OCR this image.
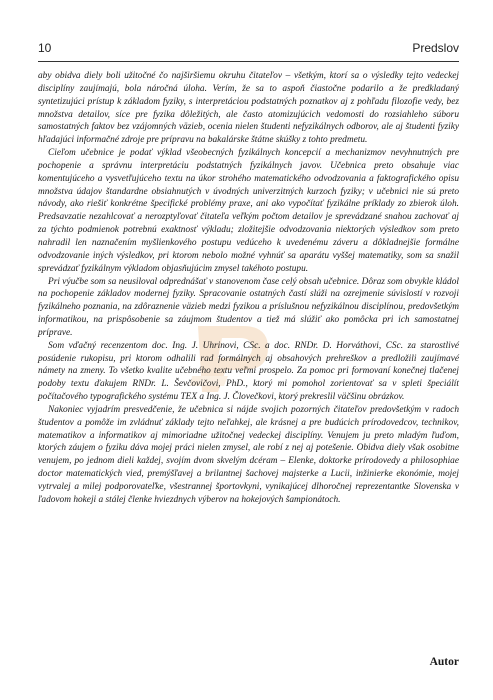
10	Predslov

aby obidva diely boli užitočné čo najširšiemu okruhu čitateľov – všetkým, ktorí sa o výsledky tejto vedeckej disciplíny zaujímajú, bola náročná úloha. Verím, že sa to aspoň čiastočne podarilo a že predkladaný syntetizujúci prístup k základom fyziky, s interpretáciou podstatných poznatkov aj z pohľadu filozofie vedy, bez množstva detailov, síce pre fyzika dôležitých, ale často atomizujúcich vedomosti do rozsiahleho súboru samostatných faktov bez vzájomných väzieb, ocenia nielen študenti nefyzikálnych odborov, ale aj študenti fyziky hľadajúci informačné zdroje pre prípravu na bakalárske štátne skúšky z tohto predmetu.

Cieľom učebnice je podať výklad všeobecných fyzikálnych koncepcií a mechanizmov nevyhnutných pre pochopenie a správnu interpretáciu podstatných fyzikálnych javov. Učebnica preto obsahuje viac komentujúceho a vysvetľujúceho textu na úkor strohého matematického odvodzovania a faktografického opisu množstva údajov štandardne obsiahnutých v úvodných univerzitných kurzoch fyziky; v učebnici nie sú preto návody, ako riešiť konkrétne špecifické problémy praxe, ani ako vypočítať fyzikálne príklady zo zbierok úloh. Predsavzatie nezahlcovať a nerozptyľovať čitateľa veľkým počtom detailov je sprevádzané snahou zachovať aj za týchto podmienok potrebnú exaktnosť výkladu; zložitejšie odvodzovania niektorých výsledkov som preto nahradil len naznačením myšlienkového postupu vedúceho k uvedenému záveru a dôkladnejšie formálne odvodzovanie iných výsledkov, pri ktorom nebolo možné vyhnúť sa aparátu vyššej matematiky, som sa snažil sprevádzať fyzikálnym výkladom objasňujúcim zmysel takéhoto postupu.

Pri výučbe som sa neusiloval odprednášať v stanovenom čase celý obsah učebnice. Dôraz som obvykle kládol na pochopenie základov modernej fyziky. Spracovanie ostatných častí slúži na ozrejmenie súvislostí v rozvoji fyzikálneho poznania, na zdôraznenie väzieb medzi fyzikou a príslušnou nefyzikálnou disciplínou, predovšetkým informatikou, na prispôsobenie sa záujmom študentov a tiež má slúžiť ako pomôcka pri ich samostatnej príprave.

Som vďačný recenzentom doc. Ing. J. Uhrinovi, CSc. a doc. RNDr. D. Horváthovi, CSc. za starostlivé posúdenie rukopisu, pri ktorom odhalili rad formálnych aj obsahových prehreškov a predložili zaujímavé námety na zmeny. To všetko kvalite učebného textu veľmi prospelo. Za pomoc pri formovaní konečnej tlačenej podoby textu ďakujem RNDr. L. Ševčovičovi, PhD., ktorý mi pomohol zorientovať sa v spleti špeciálít počítačového typografického systému TEX a Ing. J. Človečkovi, ktorý prekreslil väčšinu obrázkov.

Nakoniec vyjadrím presvedčenie, že učebnica si nájde svojich pozorných čitateľov predovšetkým v radoch študentov a pomôže im zvládnuť základy tejto neľahkej, ale krásnej a pre budúcich prírodovedcov, technikov, matematikov a informatikov aj mimoriadne užitočnej vedeckej disciplíny. Venujem ju preto mladým ľuďom, ktorých záujem o fyziku dáva mojej práci nielen zmysel, ale robí z nej aj potešenie. Obidva diely však osobitne venujem, po jednom dieli každej, svojím dvom skvelým dcéram – Elenke, doktorke prírodovedy a philosophiae doctor matematických vied, premýšľavej a brilantnej šachovej majsterke a Lucii, inžinierke ekonómie, mojej vytrvalej a milej podporovateľke, všestrannej športovkyni, vynikajúcej dlhoročnej reprezentantke Slovenska v ľadovom hokeji a stálej členke hviezdnych výberov na hokejových šampionátoch.

Autor
